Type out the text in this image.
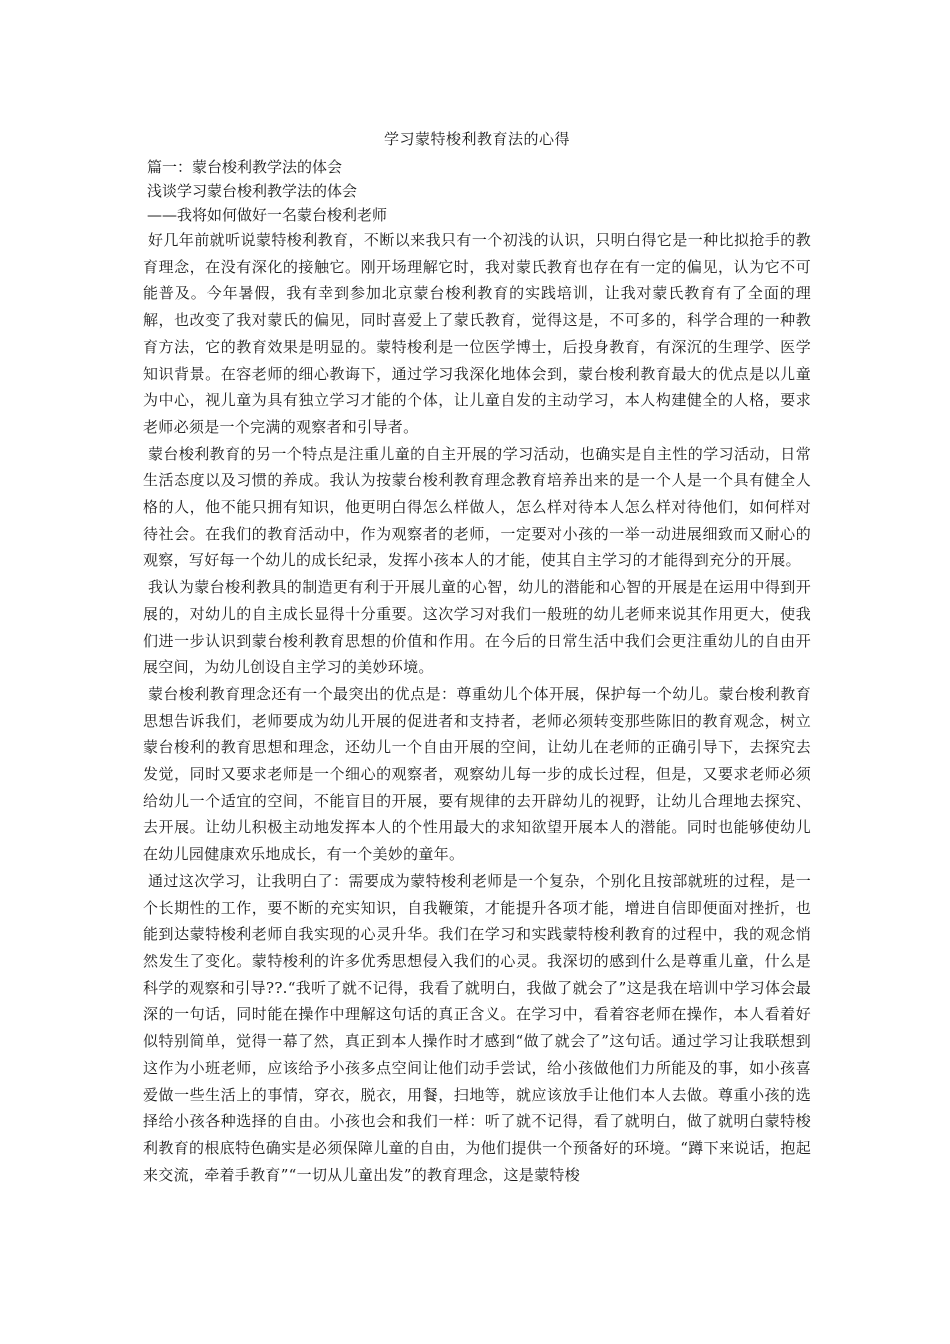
学习蒙特梭利教育法的心得
篇一：蒙台梭利教学法的体会
浅谈学习蒙台梭利教学法的体会
——我将如何做好一名蒙台梭利老师

好几年前就听说蒙特梭利教育，不断以来我只有一个初浅的认识，只明白得它是一种比拟抢手的教育理念，在没有深化的接触它。刚开场理解它时，我对蒙氏教育也存在有一定的偏见，认为它不可能普及。今年暑假，我有幸到参加北京蒙台梭利教育的实践培训，让我对蒙氏教育有了全面的理解，也改变了我对蒙氏的偏见，同时喜爱上了蒙氏教育，觉得这是，不可多的，科学合理的一种教育方法，它的教育效果是明显的。蒙特梭利是一位医学博士，后投身教育，有深沉的生理学、医学知识背景。在容老师的细心教诲下，通过学习我深化地体会到，蒙台梭利教育最大的优点是以儿童为中心，视儿童为具有独立学习才能的个体，让儿童自发的主动学习，本人构建健全的人格，要求老师必须是一个完满的观察者和引导者。

蒙台梭利教育的另一个特点是注重儿童的自主开展的学习活动，也确实是自主性的学习活动，日常生活态度以及习惯的养成。我认为按蒙台梭利教育理念教育培养出来的是一个人是一个具有健全人格的人，他不能只拥有知识，他更明白得怎么样做人，怎么样对待本人怎么样对待他们，如何样对待社会。在我们的教育活动中，作为观察者的老师，一定要对小孩的一举一动进展细致而又耐心的观察，写好每一个幼儿的成长纪录，发挥小孩本人的才能，使其自主学习的才能得到充分的开展。

我认为蒙台梭利教具的制造更有利于开展儿童的心智，幼儿的潜能和心智的开展是在运用中得到开展的，对幼儿的自主成长显得十分重要。这次学习对我们一般班的幼儿老师来说其作用更大，使我们进一步认识到蒙台梭利教育思想的价值和作用。在今后的日常生活中我们会更注重幼儿的自由开展空间，为幼儿创设自主学习的美妙环境。

蒙台梭利教育理念还有一个最突出的优点是：尊重幼儿个体开展，保护每一个幼儿。蒙台梭利教育思想告诉我们，老师要成为幼儿开展的促进者和支持者，老师必须转变那些陈旧的教育观念，树立蒙台梭利的教育思想和理念，还幼儿一个自由开展的空间，让幼儿在老师的正确引导下，去探究去发觉，同时又要求老师是一个细心的观察者，观察幼儿每一步的成长过程，但是，又要求老师必须给幼儿一个适宜的空间，不能盲目的开展，要有规律的去开辟幼儿的视野，让幼儿合理地去探究、去开展。让幼儿积极主动地发挥本人的个性用最大的求知欲望开展本人的潜能。同时也能够使幼儿在幼儿园健康欢乐地成长，有一个美妙的童年。

通过这次学习，让我明白了：需要成为蒙特梭利老师是一个复杂，个别化且按部就班的过程，是一个长期性的工作，要不断的充实知识，自我鞭策，才能提升各项才能，增进自信即便面对挫折，也能到达蒙特梭利老师自我实现的心灵升华。我们在学习和实践蒙特梭利教育的过程中，我的观念悄然发生了变化。蒙特梭利的许多优秀思想侵入我们的心灵。我深切的感到什么是尊重儿童，什么是科学的观察和引导??.“我听了就不记得，我看了就明白，我做了就会了”这是我在培训中学习体会最深的一句话，同时能在操作中理解这句话的真正含义。在学习中，看着容老师在操作，本人看着好似特别简单，觉得一幕了然，真正到本人操作时才感到“做了就会了”这句话。通过学习让我联想到这作为小班老师，应该给予小孩多点空间让他们动手尝试，给小孩做他们力所能及的事，如小孩喜爱做一些生活上的事情，穿衣，脱衣，用餐，扫地等，就应该放手让他们本人去做。尊重小孩的选择给小孩各种选择的自由。小孩也会和我们一样：听了就不记得，看了就明白，做了就明白蒙特梭利教育的根底特色确实是必须保障儿童的自由，为他们提供一个预备好的环境。“蹲下来说话，抱起来交流，牵着手教育”“一切从儿童出发”的教育理念，这是蒙特梭
